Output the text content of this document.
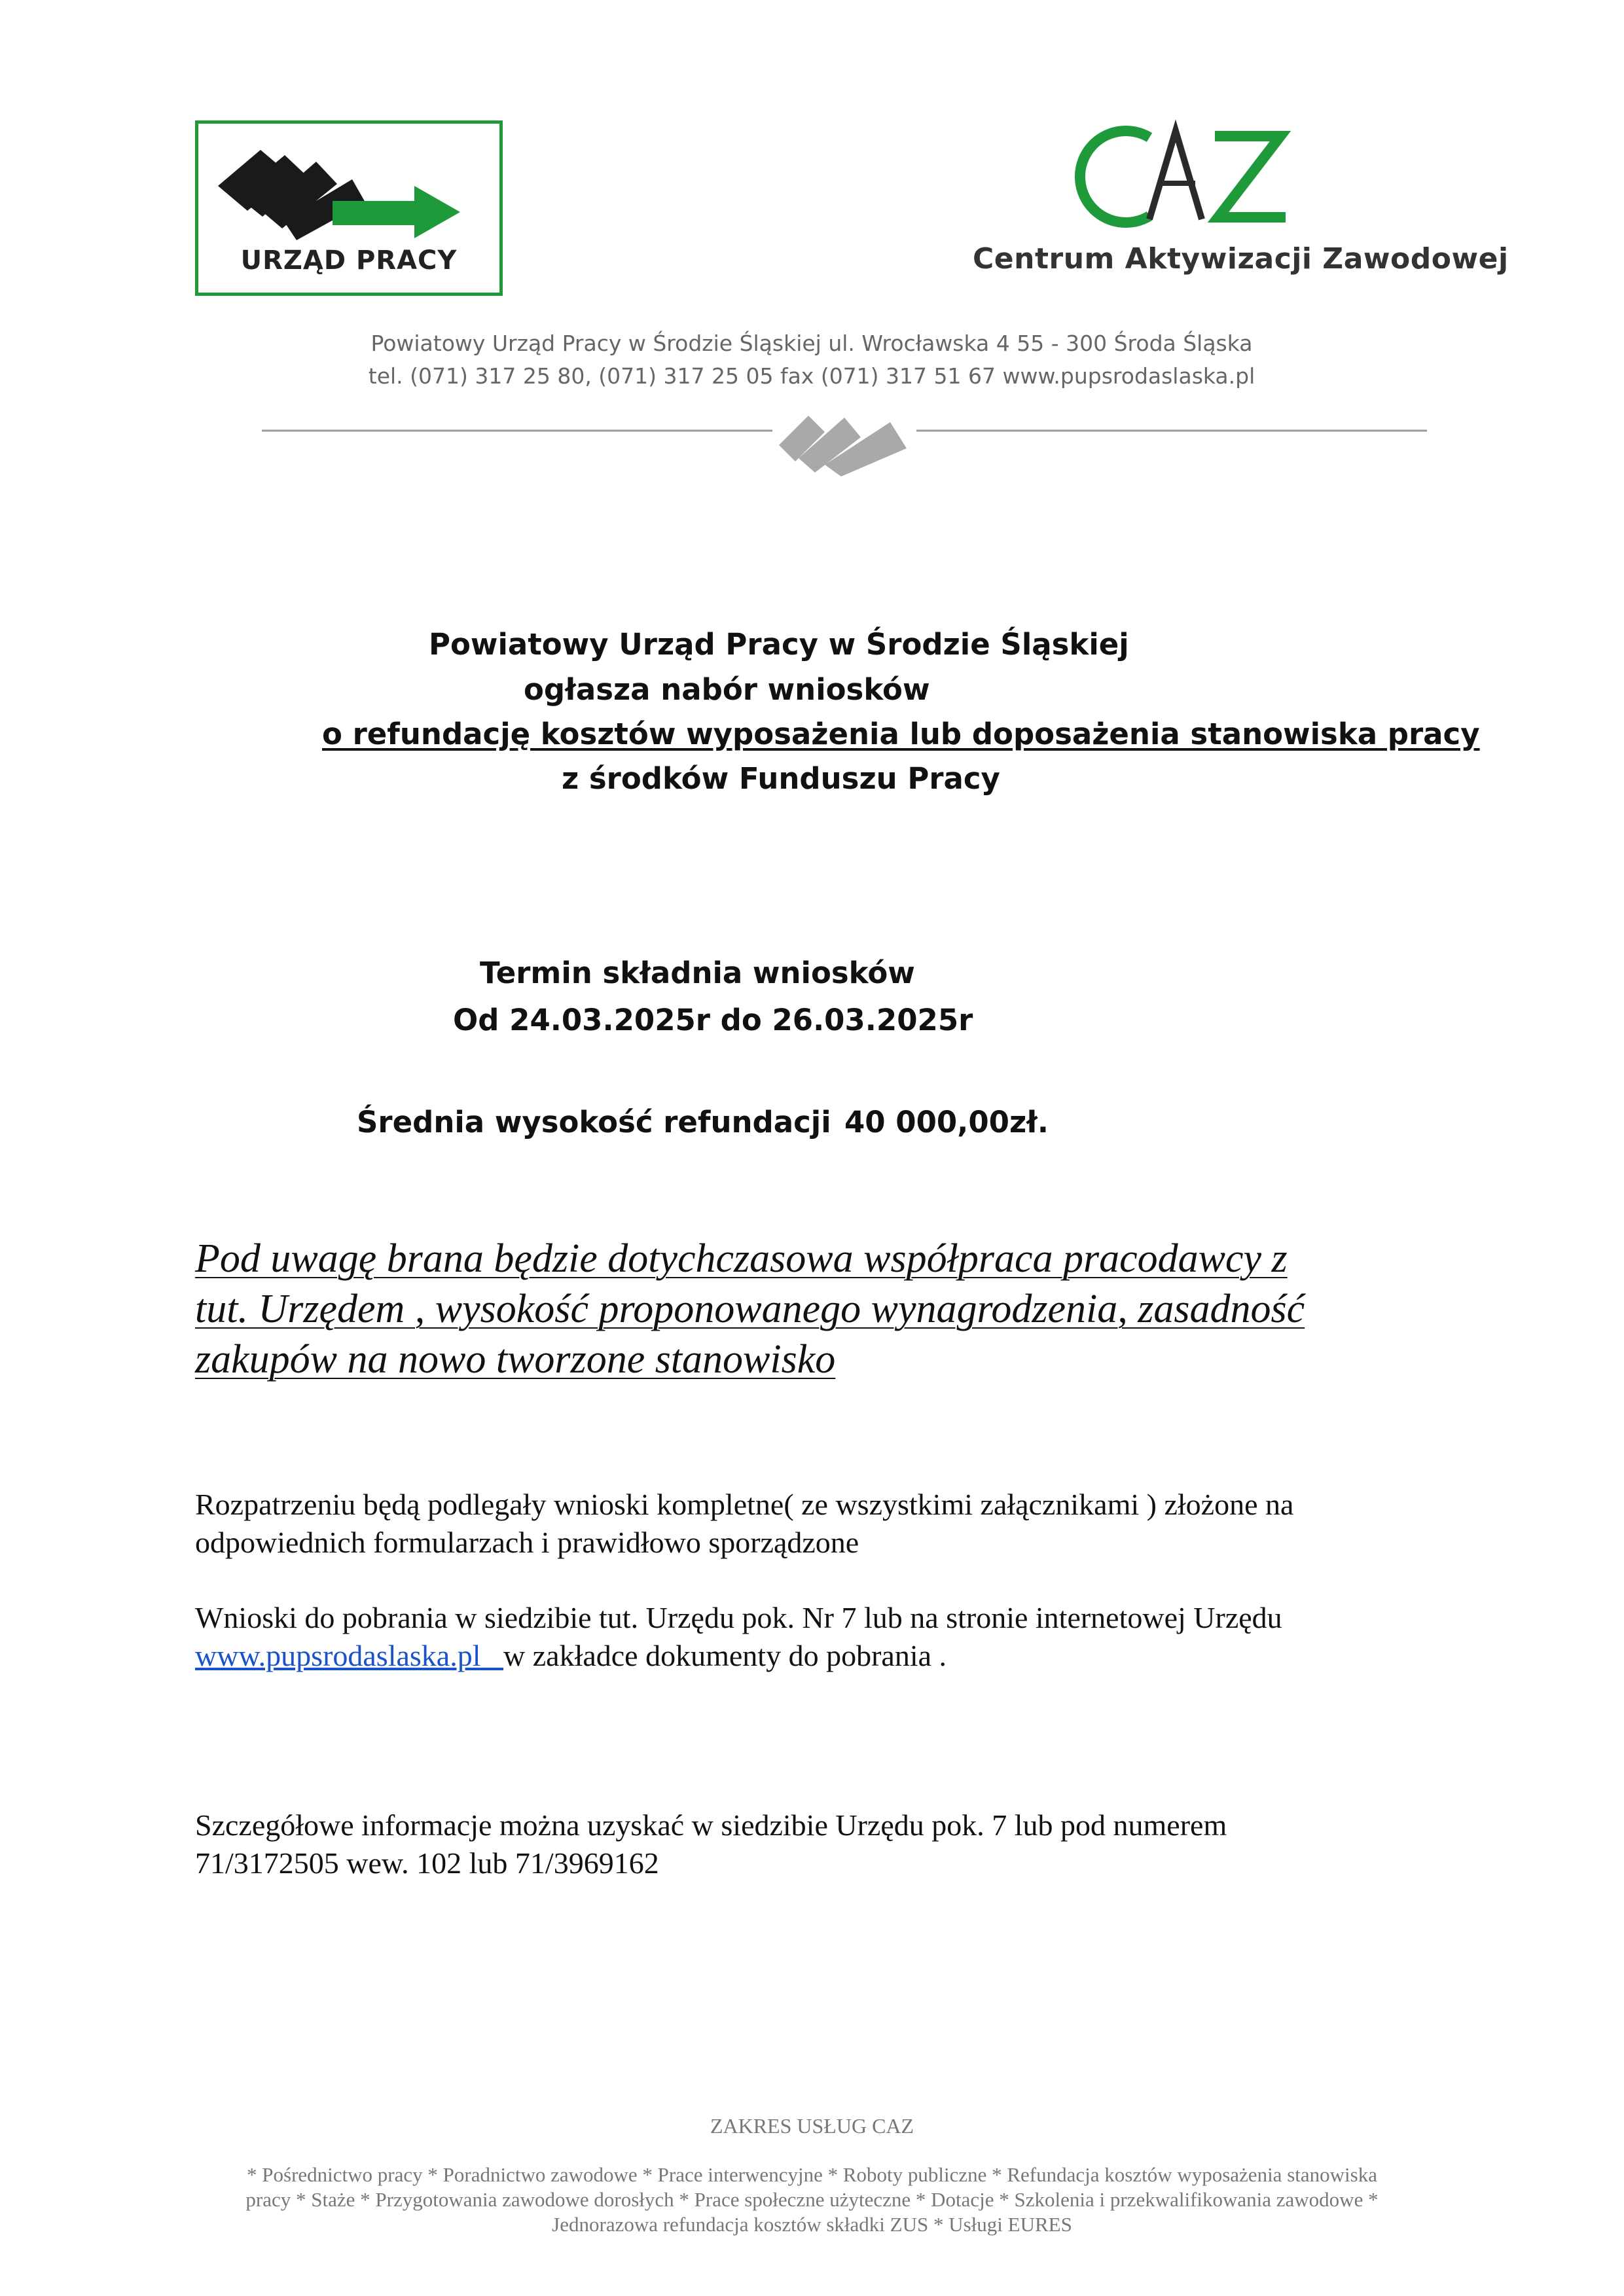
URZĄD PRACY	Centrum Aktywizacji Zawodowej
Powiatowy Urząd Pracy w Środzie Śląskiej ul. Wrocławska 4 55 - 300 Środa Śląska
tel. (071) 317 25 80, (071) 317 25 05 fax (071) 317 51 67 www.pupsrodaslaska.pl
Powiatowy Urząd Pracy w Środzie Śląskiej
ogłasza nabór wniosków
o refundację kosztów wyposażenia lub doposażenia stanowiska pracy
z środków Funduszu Pracy
Termin składnia wniosków
Od 24.03.2025r do 26.03.2025r
Średnia wysokość refundacji 40 000,00zł.
Pod uwagę brana będzie dotychczasowa współpraca pracodawcy z
tut. Urzędem , wysokość proponowanego wynagrodzenia, zasadność
zakupów na nowo tworzone stanowisko
Rozpatrzeniu będą podlegały wnioski kompletne( ze wszystkimi załącznikami ) złożone na
odpowiednich formularzach i prawidłowo sporządzone
Wnioski do pobrania w siedzibie tut. Urzędu pok. Nr 7 lub na stronie internetowej Urzędu
www.pupsrodaslaska.pl w zakładce dokumenty do pobrania .
Szczegółowe informacje można uzyskać w siedzibie Urzędu pok. 7 lub pod numerem
71/3172505 wew. 102 lub 71/3969162
ZAKRES USŁUG CAZ
* Pośrednictwo pracy * Poradnictwo zawodowe * Prace interwencyjne * Roboty publiczne * Refundacja kosztów wyposażenia stanowiska
pracy * Staże * Przygotowania zawodowe dorosłych * Prace społeczne użyteczne * Dotacje * Szkolenia i przekwalifikowania zawodowe *
Jednorazowa refundacja kosztów składki ZUS * Usługi EURES
